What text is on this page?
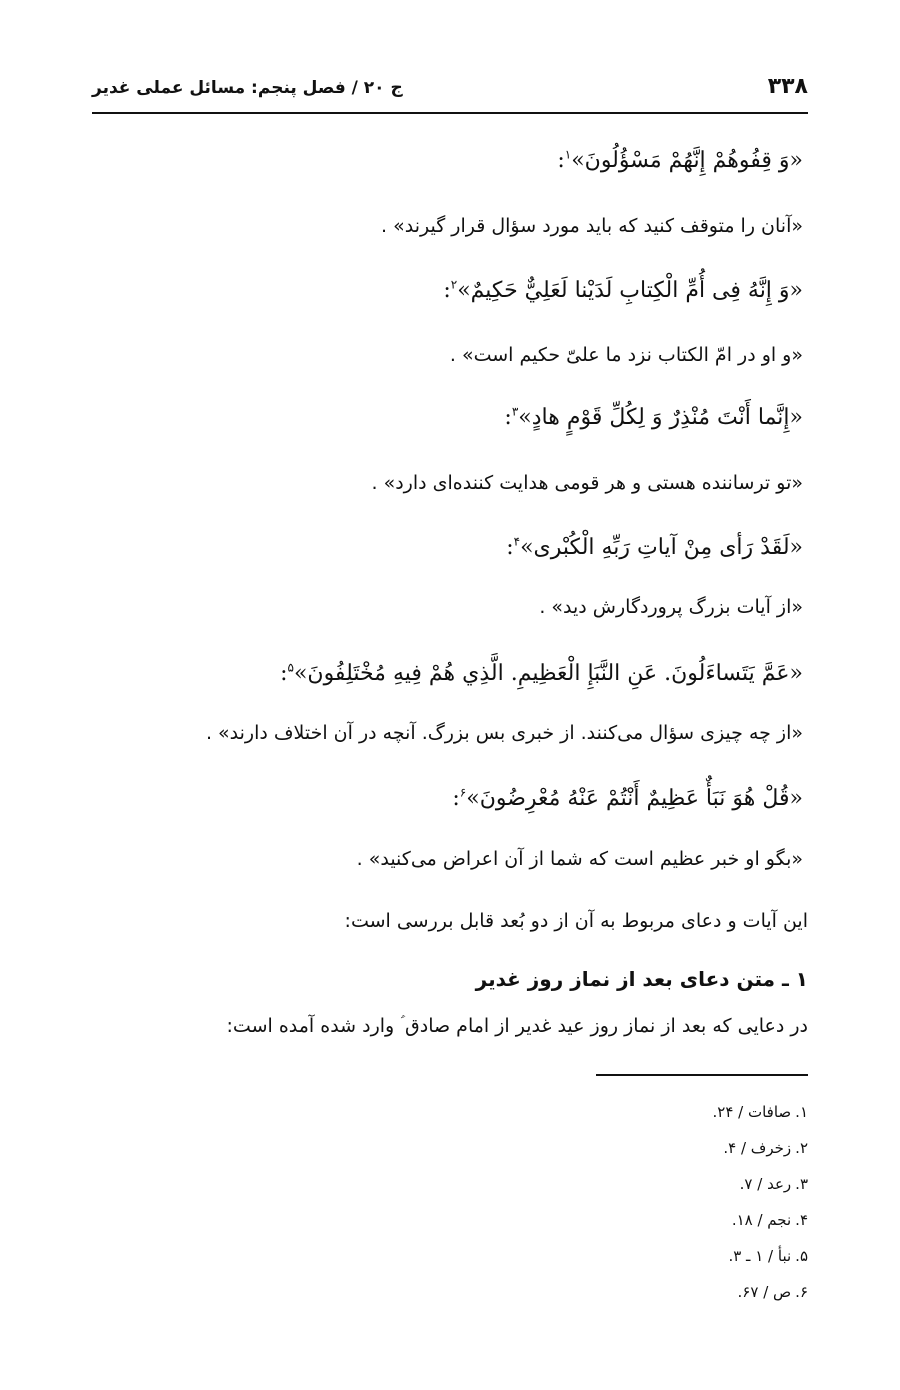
۳۳۸
ج ۲۰ / فصل پنجم: مسائل عملی غدیر
«وَ قِفُوهُمْ إِنَّهُمْ مَسْؤُلُونَ»$^۱$:
«آنان را متوقف کنید که باید مورد سؤال قرار گیرند» .
«وَ إِنَّهُ فِی أُمِّ الْكِتابِ لَدَيْنا لَعَلِيٌّ حَكِيمٌ»$^۲$:
«و او در امّ الکتاب نزد ما علیّ حکیم است» .
«إِنَّما أَنْتَ مُنْذِرٌ وَ لِكُلِّ قَوْمٍ هادٍ»$^۳$:
«تو ترساننده هستی و هر قومی هدایت کننده‌ای دارد» .
«لَقَدْ رَأى مِنْ آياتِ رَبِّهِ الْكُبْرى»$^۴$:
«از آیات بزرگ پروردگارش دید» .
«عَمَّ يَتَساءَلُونَ. عَنِ النَّبَإِ الْعَظِيمِ. الَّذِي هُمْ فِيهِ مُخْتَلِفُونَ»$^۵$:
«از چه چیزی سؤال می‌کنند. از خبری بس بزرگ. آنچه در آن اختلاف دارند» .
«قُلْ هُوَ نَبَأٌ عَظِيمٌ أَنْتُمْ عَنْهُ مُعْرِضُونَ»$^۶$:
«بگو او خبر عظیم است که شما از آن اعراض می‌کنید» .
این آیات و دعای مربوط به آن از دو بُعد قابل بررسی است:
۱ ـ متن دعای بعد از نماز روز غدیر
در دعایی که بعد از نماز روز عید غدیر از امام صادق ؑ وارد شده آمده است:
۱.صافات / ۲۴.
۲.زخرف / ۴.
۳.رعد / ۷.
۴.نجم / ۱۸.
۵.نبأ / ۱ ـ ۳.
۶.ص / ۶۷.
